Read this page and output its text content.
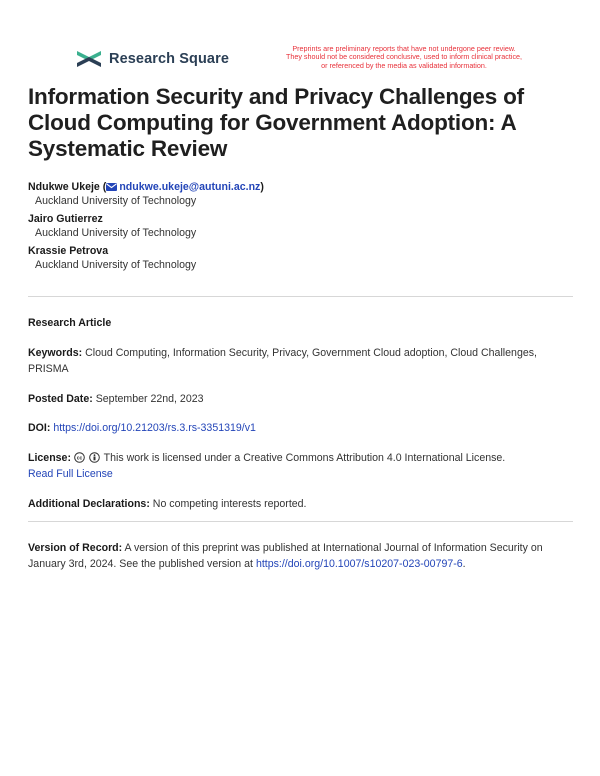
Research Square
Preprints are preliminary reports that have not undergone peer review.
They should not be considered conclusive, used to inform clinical practice,
or referenced by the media as validated information.
Information Security and Privacy Challenges of Cloud Computing for Government Adoption: A Systematic Review
Ndukwe Ukeje ( ndukwe.ukeje@autuni.ac.nz)
Auckland University of Technology
Jairo Gutierrez
Auckland University of Technology
Krassie Petrova
Auckland University of Technology
Research Article
Keywords: Cloud Computing, Information Security, Privacy, Government Cloud adoption, Cloud Challenges, PRISMA
Posted Date: September 22nd, 2023
DOI: https://doi.org/10.21203/rs.3.rs-3351319/v1
License: cc This work is licensed under a Creative Commons Attribution 4.0 International License.
Read Full License
Additional Declarations: No competing interests reported.
Version of Record: A version of this preprint was published at International Journal of Information Security on January 3rd, 2024. See the published version at https://doi.org/10.1007/s10207-023-00797-6.
